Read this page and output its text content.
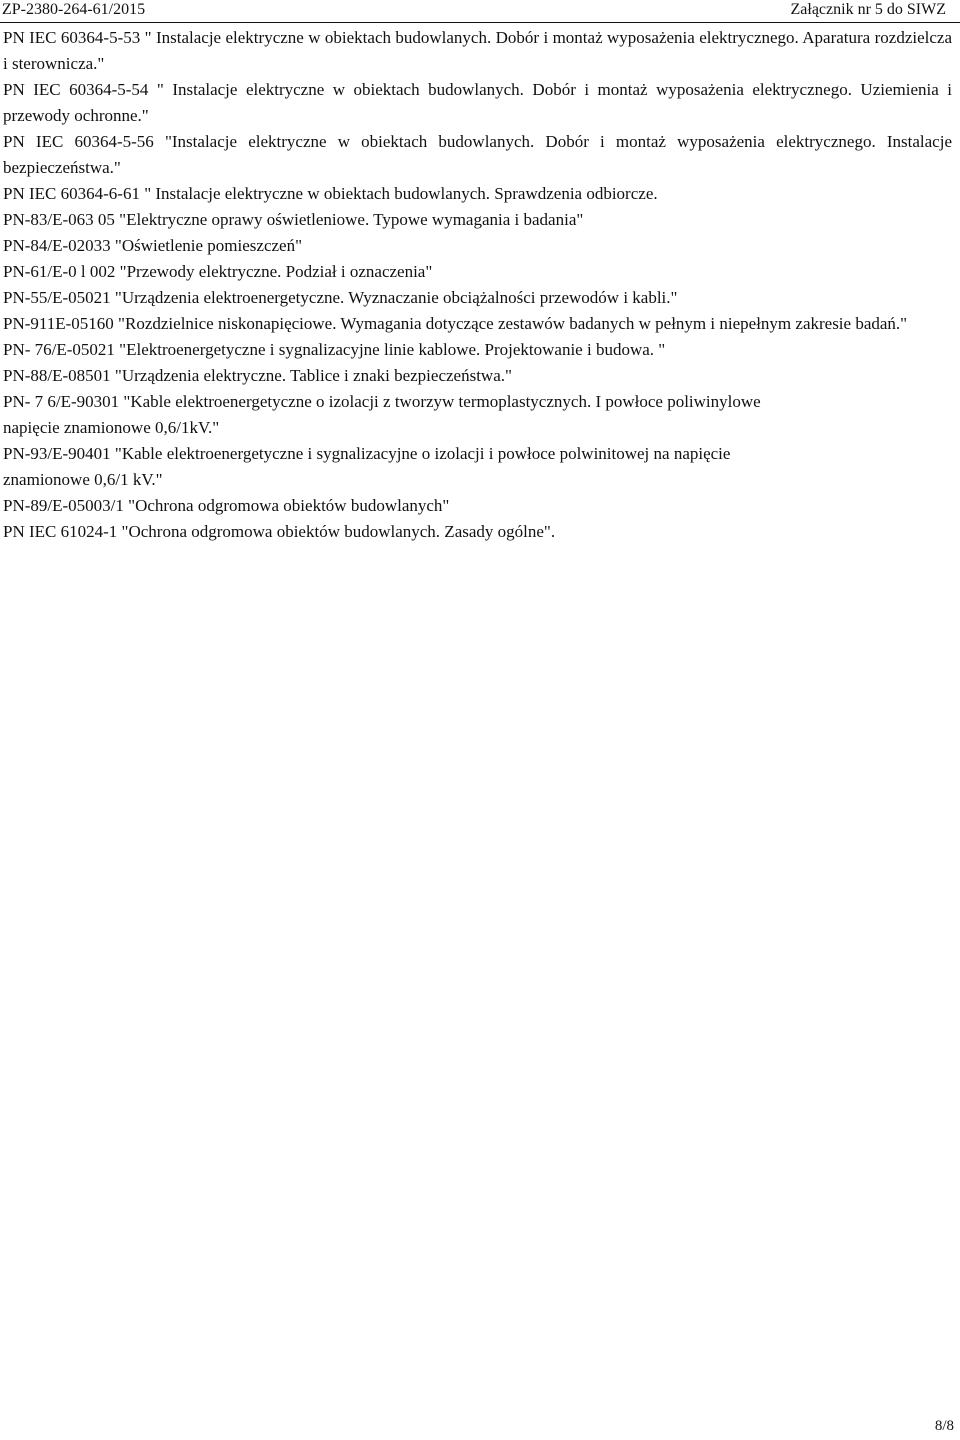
ZP-2380-264-61/2015	Załącznik nr 5 do SIWZ

PN IEC 60364-5-53 " Instalacje elektryczne w obiektach budowlanych. Dobór i montaż wyposażenia elektrycznego. Aparatura rozdzielcza i sterownicza."

PN IEC 60364-5-54 " Instalacje elektryczne w obiektach budowlanych. Dobór i montaż wyposażenia elektrycznego. Uziemienia i przewody ochronne."

PN IEC 60364-5-56 "Instalacje elektryczne w obiektach budowlanych. Dobór i montaż wyposażenia elektrycznego. Instalacje bezpieczeństwa."

PN IEC 60364-6-61 " Instalacje elektryczne w obiektach budowlanych. Sprawdzenia odbiorcze.

PN-83/E-063 05 "Elektryczne oprawy oświetleniowe. Typowe wymagania i badania"

PN-84/E-02033 "Oświetlenie pomieszczeń"

PN-61/E-0 l 002 "Przewody elektryczne. Podział i oznaczenia"

PN-55/E-05021 "Urządzenia elektroenergetyczne. Wyznaczanie obciążalności przewodów i kabli."

PN-911E-05160 "Rozdzielnice niskonapięciowe. Wymagania dotyczące zestawów badanych w pełnym i niepełnym zakresie badań."

PN- 76/E-05021 "Elektroenergetyczne i sygnalizacyjne linie kablowe. Projektowanie i budowa. "

PN-88/E-08501 "Urządzenia elektryczne. Tablice i znaki bezpieczeństwa."

PN- 7 6/E-90301 "Kable elektroenergetyczne o izolacji z tworzyw termoplastycznych. I powłoce poliwinylowe napięcie znamionowe 0,6/1kV."

PN-93/E-90401 "Kable elektroenergetyczne i sygnalizacyjne o izolacji i powłoce polwinitowej na napięcie znamionowe 0,6/1 kV."

PN-89/E-05003/1 "Ochrona odgromowa obiektów budowlanych"

PN IEC 61024-1 "Ochrona odgromowa obiektów budowlanych. Zasady ogólne".

8/8
